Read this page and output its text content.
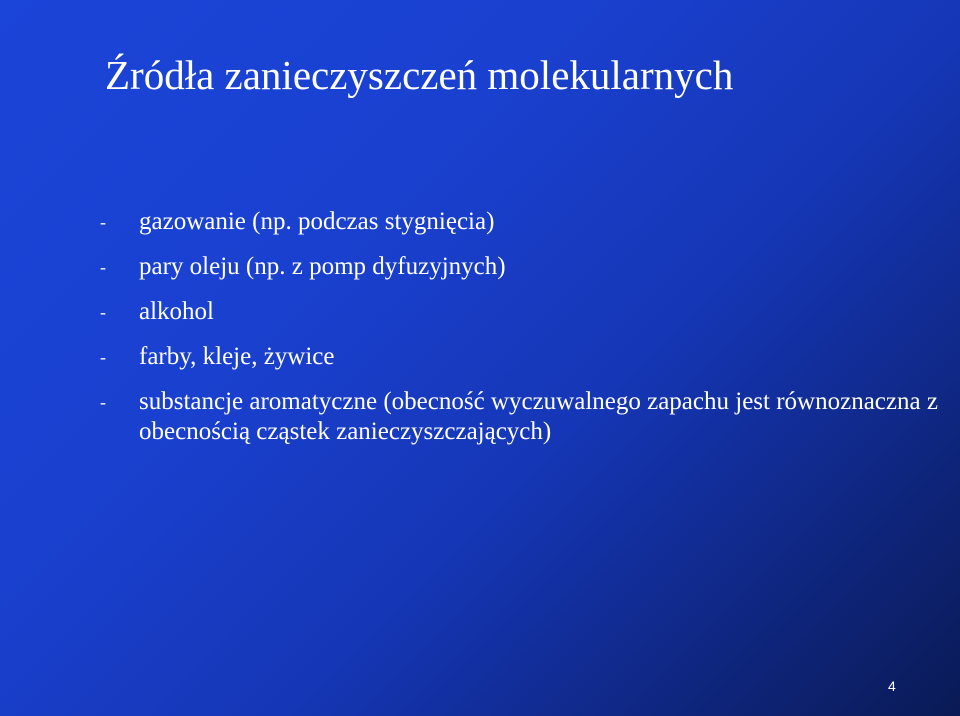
Źródła zanieczyszczeń molekularnych
- gazowanie (np. podczas stygnięcia)
- pary oleju (np. z pomp dyfuzyjnych)
- alkohol
- farby, kleje, żywice
- substancje aromatyczne (obecność wyczuwalnego zapachu jest równoznaczna z obecnością cząstek zanieczyszczających)
4
